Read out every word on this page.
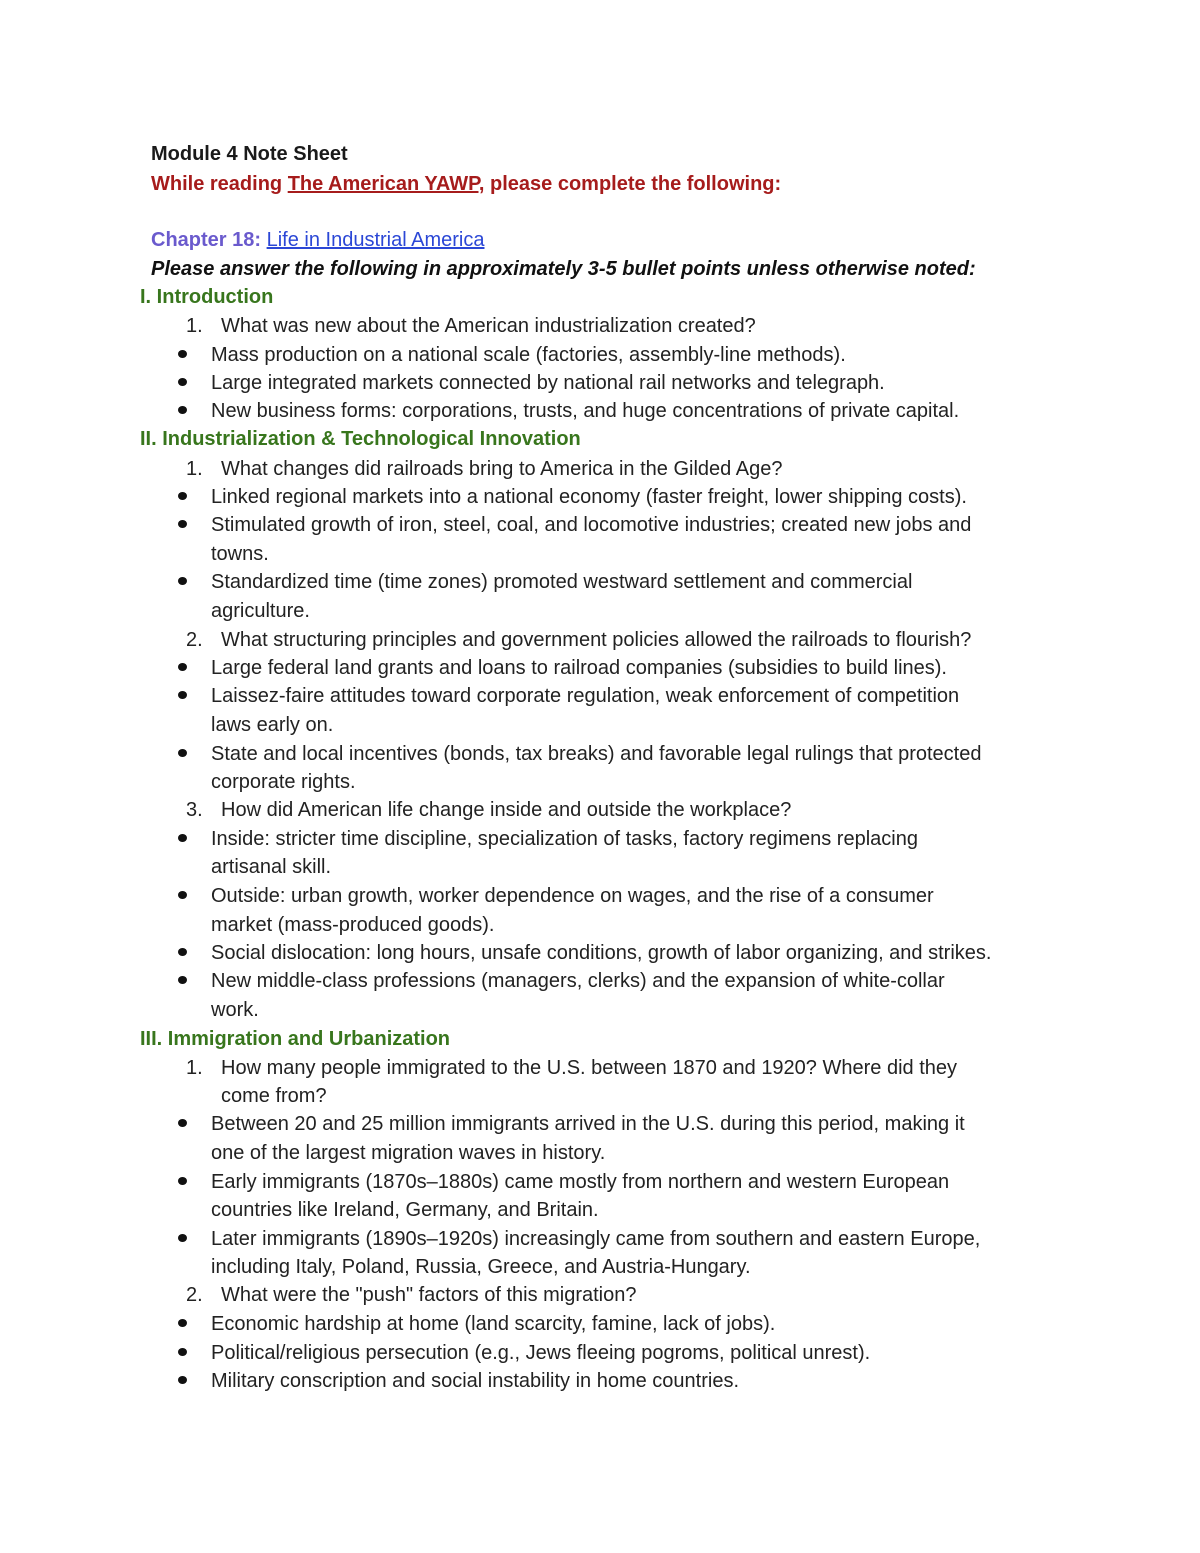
Module 4 Note Sheet
While reading The American YAWP, please complete the following:
Chapter 18: Life in Industrial America
Please answer the following in approximately 3-5 bullet points unless otherwise noted:
I. Introduction
1. What was new about the American industrialization created?
Mass production on a national scale (factories, assembly-line methods).
Large integrated markets connected by national rail networks and telegraph.
New business forms: corporations, trusts, and huge concentrations of private capital.
II. Industrialization & Technological Innovation
1. What changes did railroads bring to America in the Gilded Age?
Linked regional markets into a national economy (faster freight, lower shipping costs).
Stimulated growth of iron, steel, coal, and locomotive industries; created new jobs and
towns.
Standardized time (time zones) promoted westward settlement and commercial
agriculture.
2. What structuring principles and government policies allowed the railroads to flourish?
Large federal land grants and loans to railroad companies (subsidies to build lines).
Laissez-faire attitudes toward corporate regulation, weak enforcement of competition
laws early on.
State and local incentives (bonds, tax breaks) and favorable legal rulings that protected
corporate rights.
3. How did American life change inside and outside the workplace?
Inside: stricter time discipline, specialization of tasks, factory regimens replacing
artisanal skill.
Outside: urban growth, worker dependence on wages, and the rise of a consumer
market (mass-produced goods).
Social dislocation: long hours, unsafe conditions, growth of labor organizing, and strikes.
New middle-class professions (managers, clerks) and the expansion of white-collar
work.
III. Immigration and Urbanization
1. How many people immigrated to the U.S. between 1870 and 1920? Where did they
come from?
Between 20 and 25 million immigrants arrived in the U.S. during this period, making it
one of the largest migration waves in history.
Early immigrants (1870s–1880s) came mostly from northern and western European
countries like Ireland, Germany, and Britain.
Later immigrants (1890s–1920s) increasingly came from southern and eastern Europe,
including Italy, Poland, Russia, Greece, and Austria-Hungary.
2. What were the "push" factors of this migration?
Economic hardship at home (land scarcity, famine, lack of jobs).
Political/religious persecution (e.g., Jews fleeing pogroms, political unrest).
Military conscription and social instability in home countries.
